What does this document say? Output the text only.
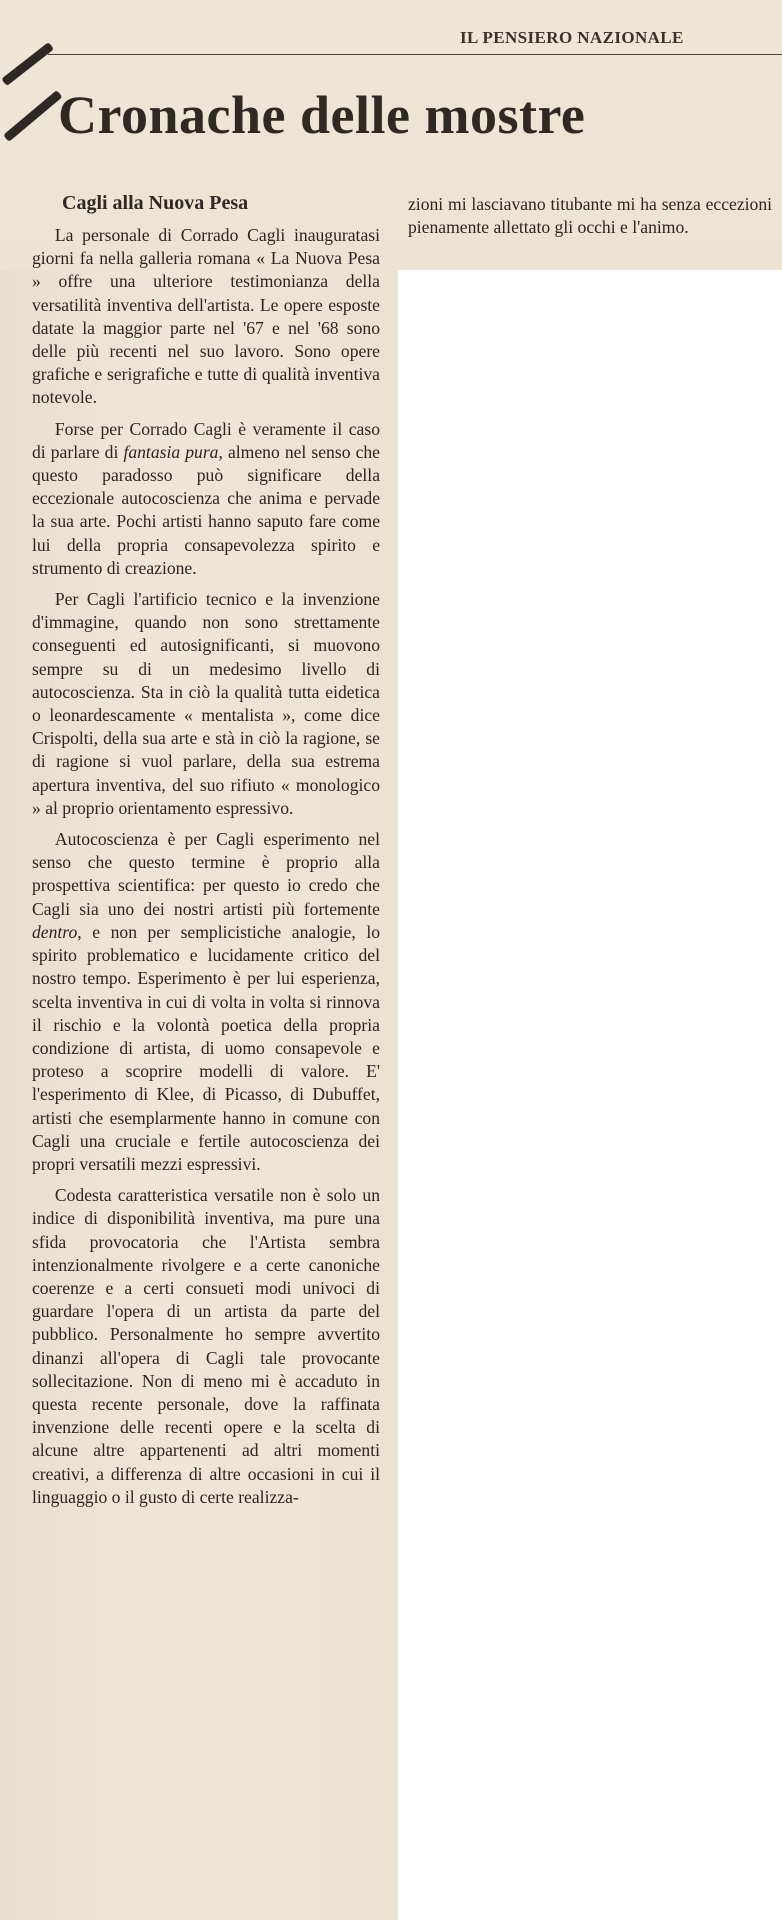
IL PENSIERO NAZIONALE
Cronache delle mostre
Cagli alla Nuova Pesa

La personale di Corrado Cagli inauguratasi giorni fa nella galleria romana « La Nuova Pesa » offre una ulteriore testimonianza della versatilità inventiva dell'artista. Le opere esposte datate la maggior parte nel '67 e nel '68 sono delle più recenti nel suo lavoro. Sono opere grafiche e serigrafiche e tutte di qualità inventiva notevole.

Forse per Corrado Cagli è veramente il caso di parlare di fantasia pura, almeno nel senso che questo paradosso può significare della eccezionale autocoscienza che anima e pervade la sua arte. Pochi artisti hanno saputo fare come lui della propria consapevolezza spirito e strumento di creazione.

Per Cagli l'artificio tecnico e la invenzione d'immagine, quando non sono strettamente conseguenti ed autosignificanti, si muovono sempre su di un medesimo livello di autocoscienza. Sta in ciò la qualità tutta eidetica o leonardescamente « mentalista », come dice Crispolti, della sua arte e stà in ciò la ragione, se di ragione si vuol parlare, della sua estrema apertura inventiva, del suo rifiuto « monologico » al proprio orientamento espressivo.

Autocoscienza è per Cagli esperimento nel senso che questo termine è proprio alla prospettiva scientifica: per questo io credo che Cagli sia uno dei nostri artisti più fortemente dentro, e non per semplicistiche analogie, lo spirito problematico e lucidamente critico del nostro tempo. Esperimento è per lui esperienza, scelta inventiva in cui di volta in volta si rinnova il rischio e la volontà poetica della propria condizione di artista, di uomo consapevole e proteso a scoprire modelli di valore. E' l'esperimento di Klee, di Picasso, di Dubuffet, artisti che esemplarmente hanno in comune con Cagli una cruciale e fertile autocoscienza dei propri versatili mezzi espressivi.

Codesta caratteristica versatile non è solo un indice di disponibilità inventiva, ma pure una sfida provocatoria che l'Artista sembra intenzionalmente rivolgere e a certe canoniche coerenze e a certi consueti modi univoci di guardare l'opera di un artista da parte del pubblico. Personalmente ho sempre avvertito dinanzi all'opera di Cagli tale provocante sollecitazione. Non di meno mi è accaduto in questa recente personale, dove la raffinata invenzione delle recenti opere e la scelta di alcune altre appartenenti ad altri momenti creativi, a differenza di altre occasioni in cui il linguaggio o il gusto di certe realizza-

zioni mi lasciavano titubante mi ha senza eccezioni pienamente allettato gli occhi e l'animo.
